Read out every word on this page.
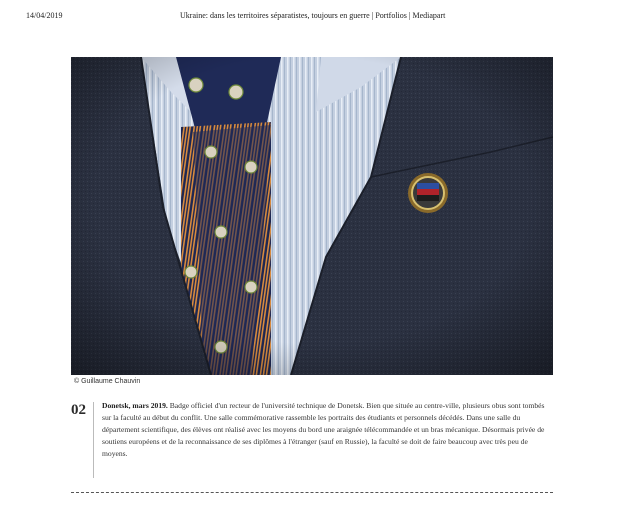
14/04/2019	Ukraine: dans les territoires séparatistes, toujours en guerre | Portfolios | Mediapart
© Guillaume Chauvin
02 Donetsk, mars 2019. Badge officiel d'un recteur de l'université technique de Donetsk. Bien que située au centre-ville, plusieurs obus sont tombés sur la faculté au début du conflit. Une salle commémorative rassemble les portraits des étudiants et personnels décédés. Dans une salle du département scientifique, des élèves ont réalisé avec les moyens du bord une araignée télécommandée et un bras mécanique. Désormais privée de soutiens européens et de la reconnaissance de ses diplômes à l'étranger (sauf en Russie), la faculté se doit de faire beaucoup avec très peu de moyens.
